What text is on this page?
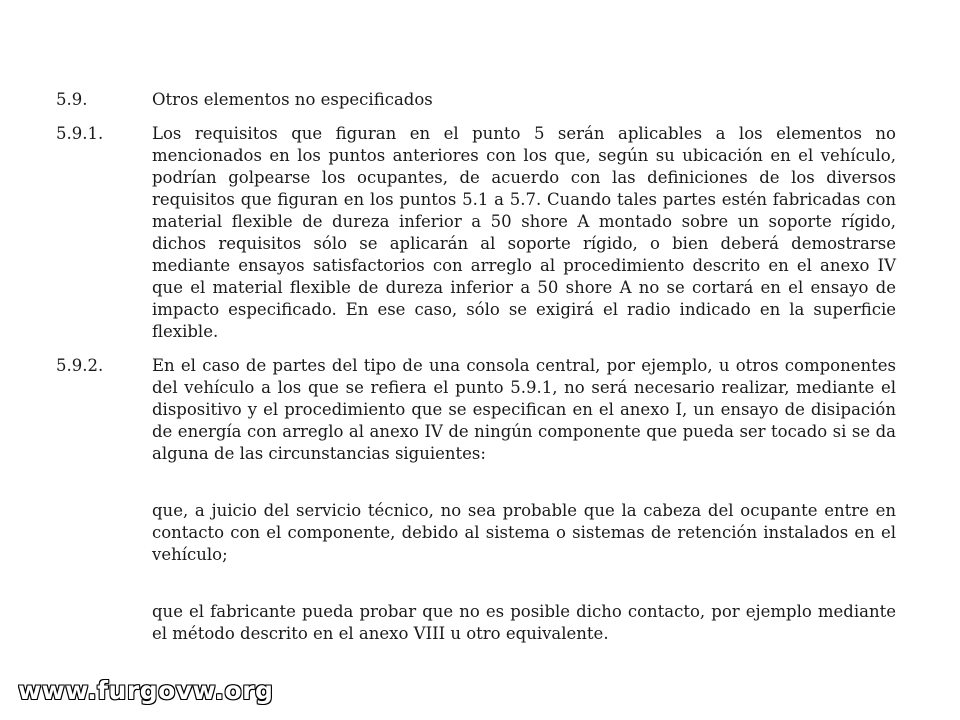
5.9.	Otros elementos no especificados

5.9.1.	Los requisitos que figuran en el punto 5 serán aplicables a los elementos no mencionados en los puntos anteriores con los que, según su ubicación en el vehículo, podrían golpearse los ocupantes, de acuerdo con las definiciones de los diversos requisitos que figuran en los puntos 5.1 a 5.7. Cuando tales partes estén fabricadas con material flexible de dureza inferior a 50 shore A montado sobre un soporte rígido, dichos requisitos sólo se aplicarán al soporte rígido, o bien deberá demostrarse mediante ensayos satisfactorios con arreglo al procedimiento descrito en el anexo IV que el material flexible de dureza inferior a 50 shore A no se cortará en el ensayo de impacto especificado. En ese caso, sólo se exigirá el radio indicado en la superficie flexible.

5.9.2.	En el caso de partes del tipo de una consola central, por ejemplo, u otros componentes del vehículo a los que se refiera el punto 5.9.1, no será necesario realizar, mediante el dispositivo y el procedimiento que se especifican en el anexo I, un ensayo de disipación de energía con arreglo al anexo IV de ningún componente que pueda ser tocado si se da alguna de las circunstancias siguientes:

que, a juicio del servicio técnico, no sea probable que la cabeza del ocupante entre en contacto con el componente, debido al sistema o sistemas de retención instalados en el vehículo;

que el fabricante pueda probar que no es posible dicho contacto, por ejemplo mediante el método descrito en el anexo VIII u otro equivalente.

www.furgovw.org
